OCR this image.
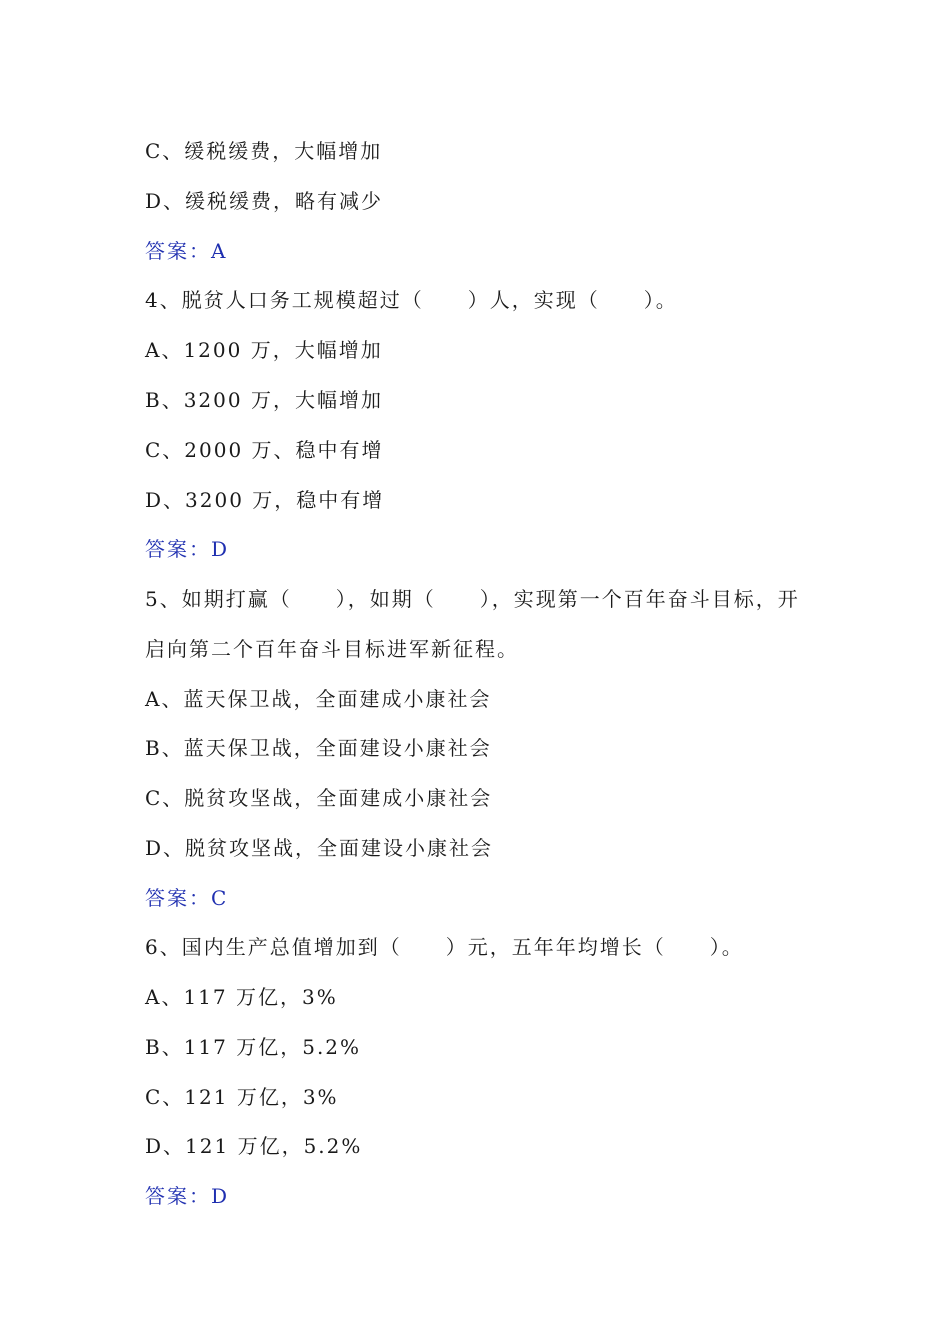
C、缓税缓费，大幅增加
D、缓税缓费，略有减少
答案：A
4、脱贫人口务工规模超过（　　）人，实现（　　）。
A、1200 万，大幅增加
B、3200 万，大幅增加
C、2000 万、稳中有增
D、3200 万，稳中有增
答案：D
5、如期打赢（　　），如期（　　），实现第一个百年奋斗目标，开
启向第二个百年奋斗目标进军新征程。
A、蓝天保卫战，全面建成小康社会
B、蓝天保卫战，全面建设小康社会
C、脱贫攻坚战，全面建成小康社会
D、脱贫攻坚战，全面建设小康社会
答案：C
6、国内生产总值增加到（　　）元，五年年均增长（　　）。
A、117 万亿，3%
B、117 万亿，5.2%
C、121 万亿，3%
D、121 万亿，5.2%
答案：D
